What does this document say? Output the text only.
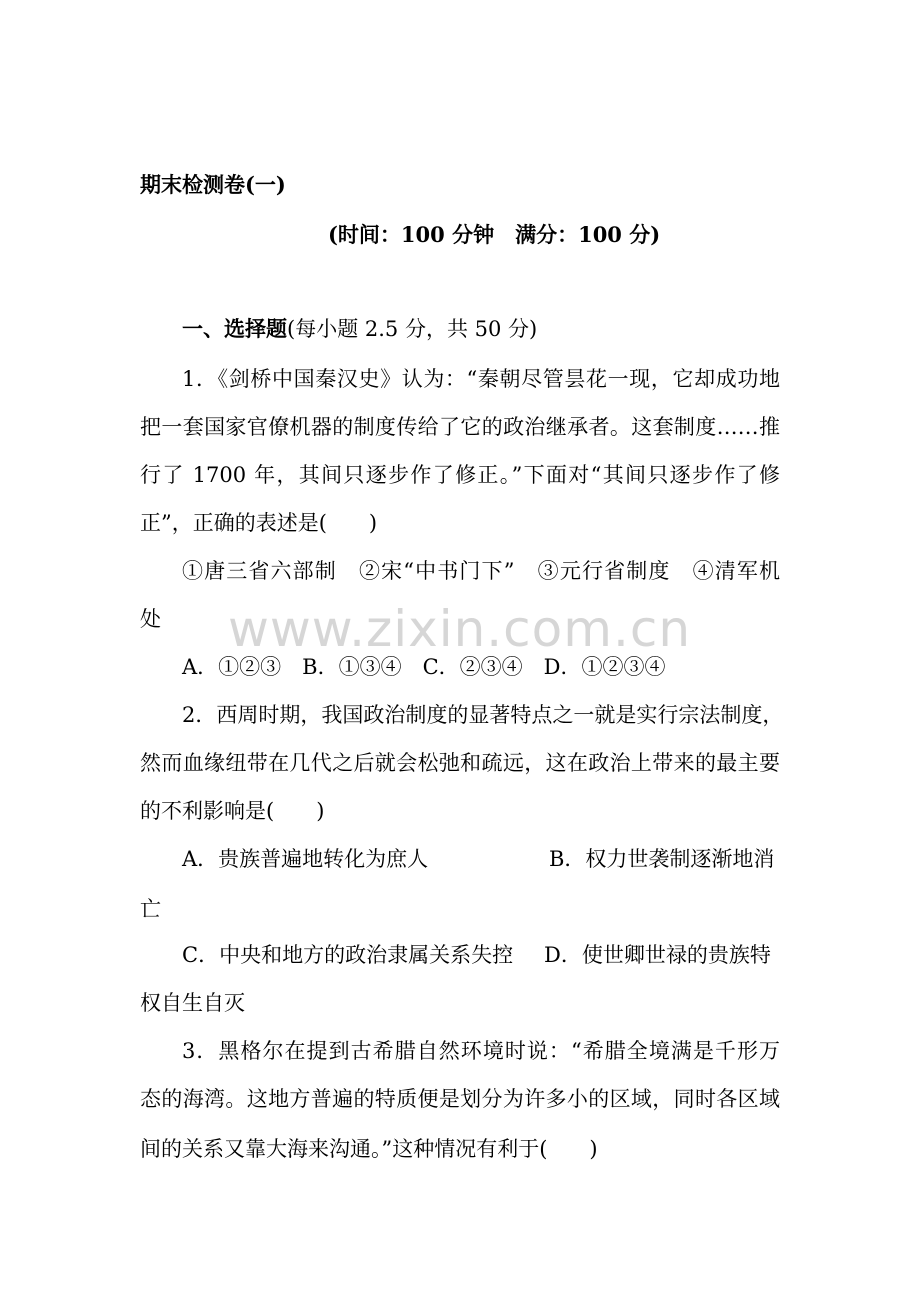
www.zixin.com.cn
期末检测卷(一)
(时间：100 分钟　满分：100 分)
一、选择题(每小题 2.5 分，共 50 分)
1．《剑桥中国秦汉史》认为：“秦朝尽管昙花一现，它却成功地
把一套国家官僚机器的制度传给了它的政治继承者。这套制度……推
行了 1700 年，其间只逐步作了修正。”下面对“其间只逐步作了修
正”，正确的表述是(　　)
①唐三省六部制　②宋“中书门下”　③元行省制度　④清军机
处
A．①②③　B．①③④　C．②③④　D．①②③④
2．西周时期，我国政治制度的显著特点之一就是实行宗法制度，
然而血缘纽带在几代之后就会松弛和疏远，这在政治上带来的最主要
的不利影响是(　　)
A．贵族普遍地转化为庶人	B．权力世袭制逐渐地消
亡
C．中央和地方的政治隶属关系失控 D．使世卿世禄的贵族特
权自生自灭
3．黑格尔在提到古希腊自然环境时说：“希腊全境满是千形万
态的海湾。这地方普遍的特质便是划分为许多小的区域，同时各区域
间的关系又靠大海来沟通。”这种情况有利于(　　)
